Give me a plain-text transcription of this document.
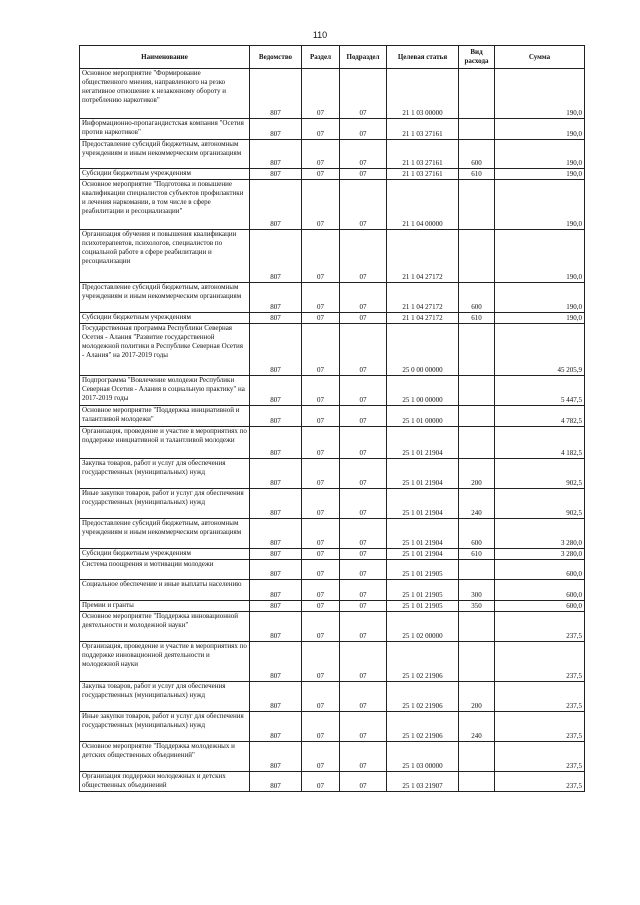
110
Наименование	Ведомство	Раздел	Подраздел	Целевая статья	Вид расхода	Сумма
Основное мероприятие "Формирование общественного мнения, направленного на резко негативное отношение к незаконному обороту и потреблению наркотиков"	807	07	07	21 1 03 00000		190,0
Информационно-пропагандистская компания "Осетия против наркотиков"	807	07	07	21 1 03 27161		190,0
Предоставление субсидий бюджетным, автономным учреждениям и иным некоммерческим организациям	807	07	07	21 1 03 27161	600	190,0
Субсидии бюджетным учреждениям	807	07	07	21 1 03 27161	610	190,0
Основное мероприятие "Подготовка и повышение квалификации специалистов субъектов профилактики и лечения наркомании, в том числе в сфере реабилитации и ресоциализации"	807	07	07	21 1 04 00000		190,0
Организация обучения и повышения квалификации психотерапевтов, психологов, специалистов по социальной работе в сфере реабилитации и ресоциализации	807	07	07	21 1 04 27172		190,0
Предоставление субсидий бюджетным, автономным учреждениям и иным некоммерческим организациям	807	07	07	21 1 04 27172	600	190,0
Субсидии бюджетным учреждениям	807	07	07	21 1 04 27172	610	190,0
Государственная программа Республики Северная Осетия - Алания "Развитие государственной молодежной политики в Республике Северная Осетия - Алания" на 2017-2019 годы	807	07	07	25 0 00 00000		45 205,9
Подпрограмма "Вовлечение молодежи Республики Северная Осетия - Алания в социальную практику" на 2017-2019 годы	807	07	07	25 1 00 00000		5 447,5
Основное мероприятие "Поддержка инициативной и талантливой молодежи"	807	07	07	25 1 01 00000		4 782,5
Организация, проведение и участие в мероприятиях по поддержке инициативной и талантливой молодежи	807	07	07	25 1 01 21904		4 182,5
Закупка товаров, работ и услуг для обеспечения государственных (муниципальных) нужд	807	07	07	25 1 01 21904	200	902,5
Иные закупки товаров, работ и услуг для обеспечения государственных (муниципальных) нужд	807	07	07	25 1 01 21904	240	902,5
Предоставление субсидий бюджетным, автономным учреждениям и иным некоммерческим организациям	807	07	07	25 1 01 21904	600	3 280,0
Субсидии бюджетным учреждениям	807	07	07	25 1 01 21904	610	3 280,0
Система поощрения и мотивации молодежи	807	07	07	25 1 01 21905		600,0
Социальное обеспечение и иные выплаты населению	807	07	07	25 1 01 21905	300	600,0
Премии и гранты	807	07	07	25 1 01 21905	350	600,0
Основное мероприятие "Поддержка инновационной деятельности и молодежной науки"	807	07	07	25 1 02 00000		237,5
Организация, проведение и участие в мероприятиях по поддержке инновационной деятельности и молодежной науки	807	07	07	25 1 02 21906		237,5
Закупка товаров, работ и услуг для обеспечения государственных (муниципальных) нужд	807	07	07	25 1 02 21906	200	237,5
Иные закупки товаров, работ и услуг для обеспечения государственных (муниципальных) нужд	807	07	07	25 1 02 21906	240	237,5
Основное мероприятие "Поддержка молодежных и детских общественных объединений"	807	07	07	25 1 03 00000		237,5
Организация поддержки молодежных и детских общественных объединений	807	07	07	25 1 03 21907		237,5
